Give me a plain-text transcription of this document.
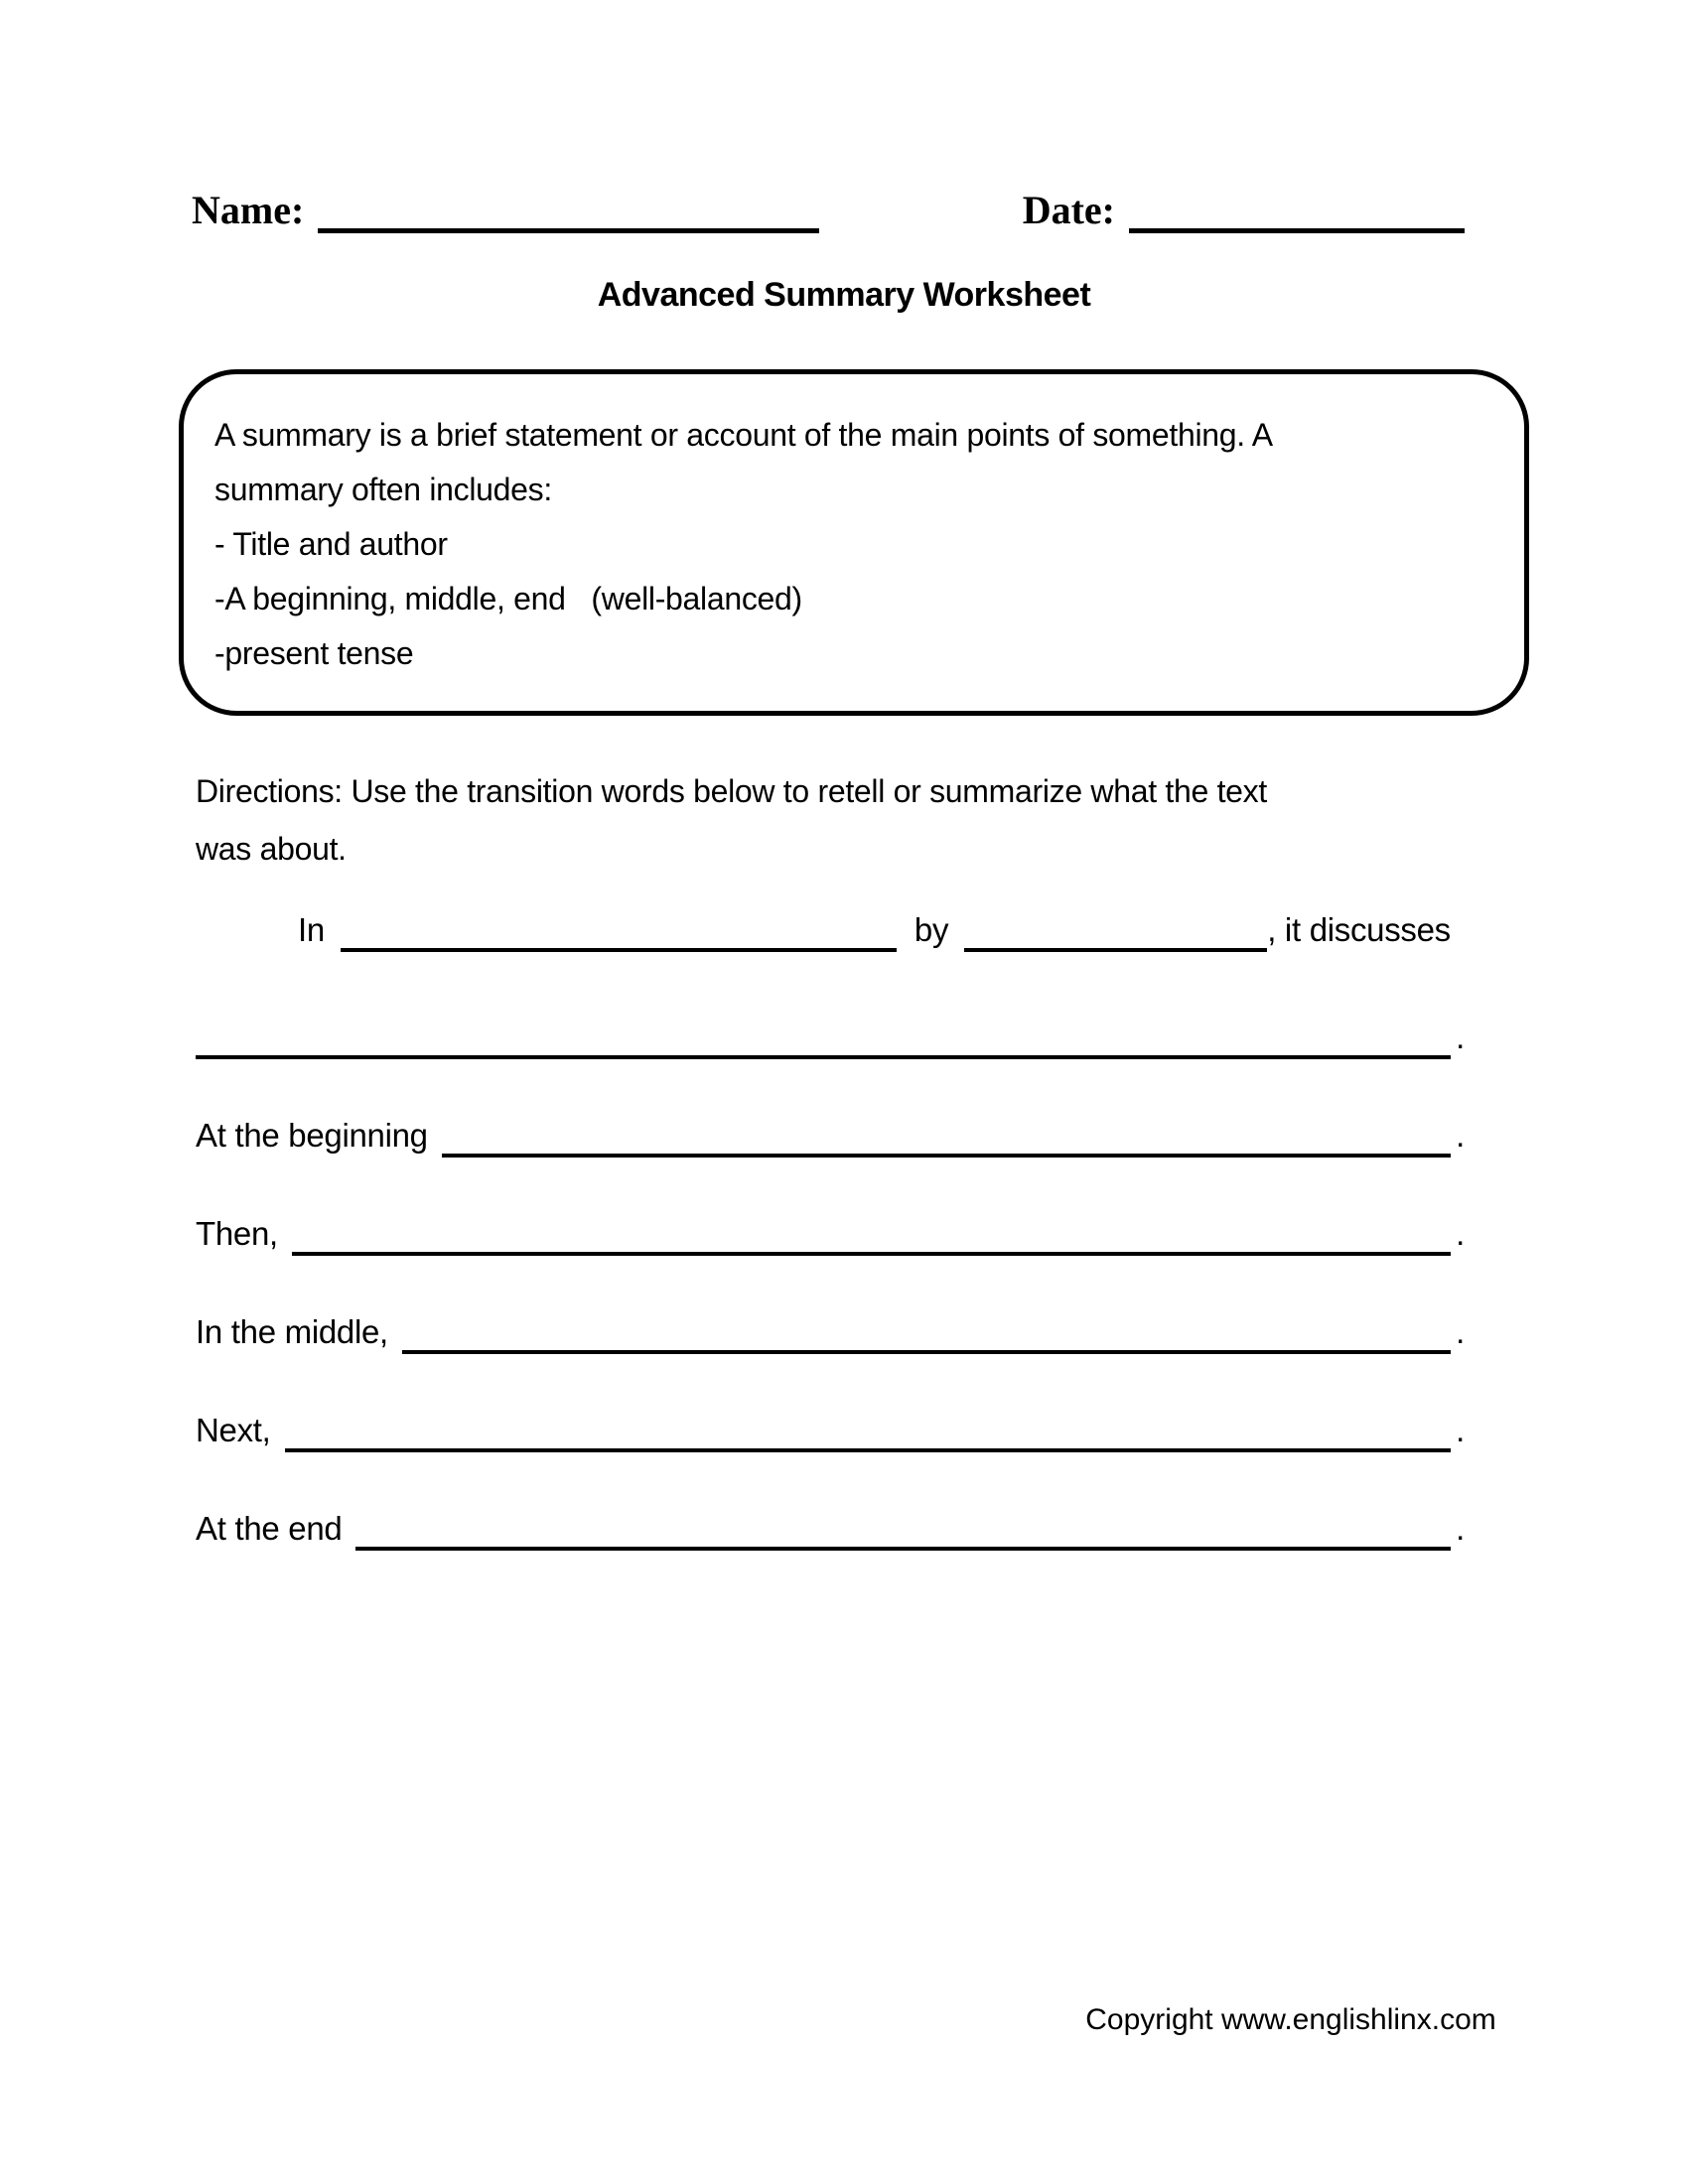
Name:	Date:
Advanced Summary Worksheet
A summary is a brief statement or account of the main points of something. A
summary often includes:
- Title and author
-A beginning, middle, end   (well-balanced)
-present tense
Directions: Use the transition words below to retell or summarize what the text
was about.
In	by	, it discusses
.
At the beginning	.
Then,	.
In the middle,	.
Next,	.
At the end	.
Copyright www.englishlinx.com
